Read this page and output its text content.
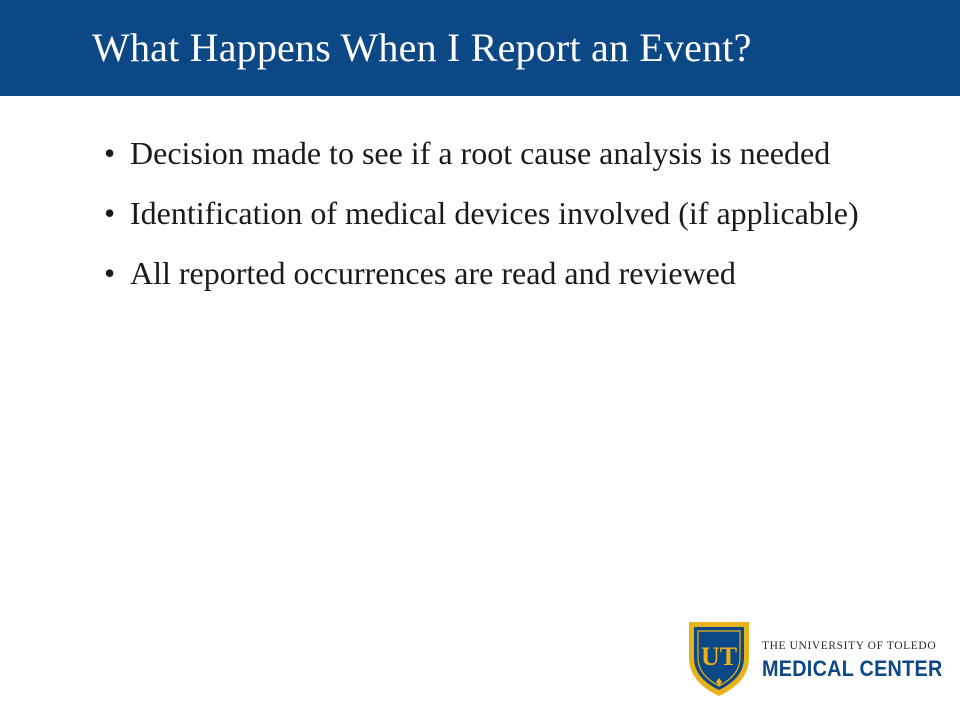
What Happens When I Report an Event?
• Decision made to see if a root cause analysis is needed
• Identification of medical devices involved (if applicable)
• All reported occurrences are read and reviewed
UT THE UNIVERSITY OF TOLEDO
MEDICAL CENTER
